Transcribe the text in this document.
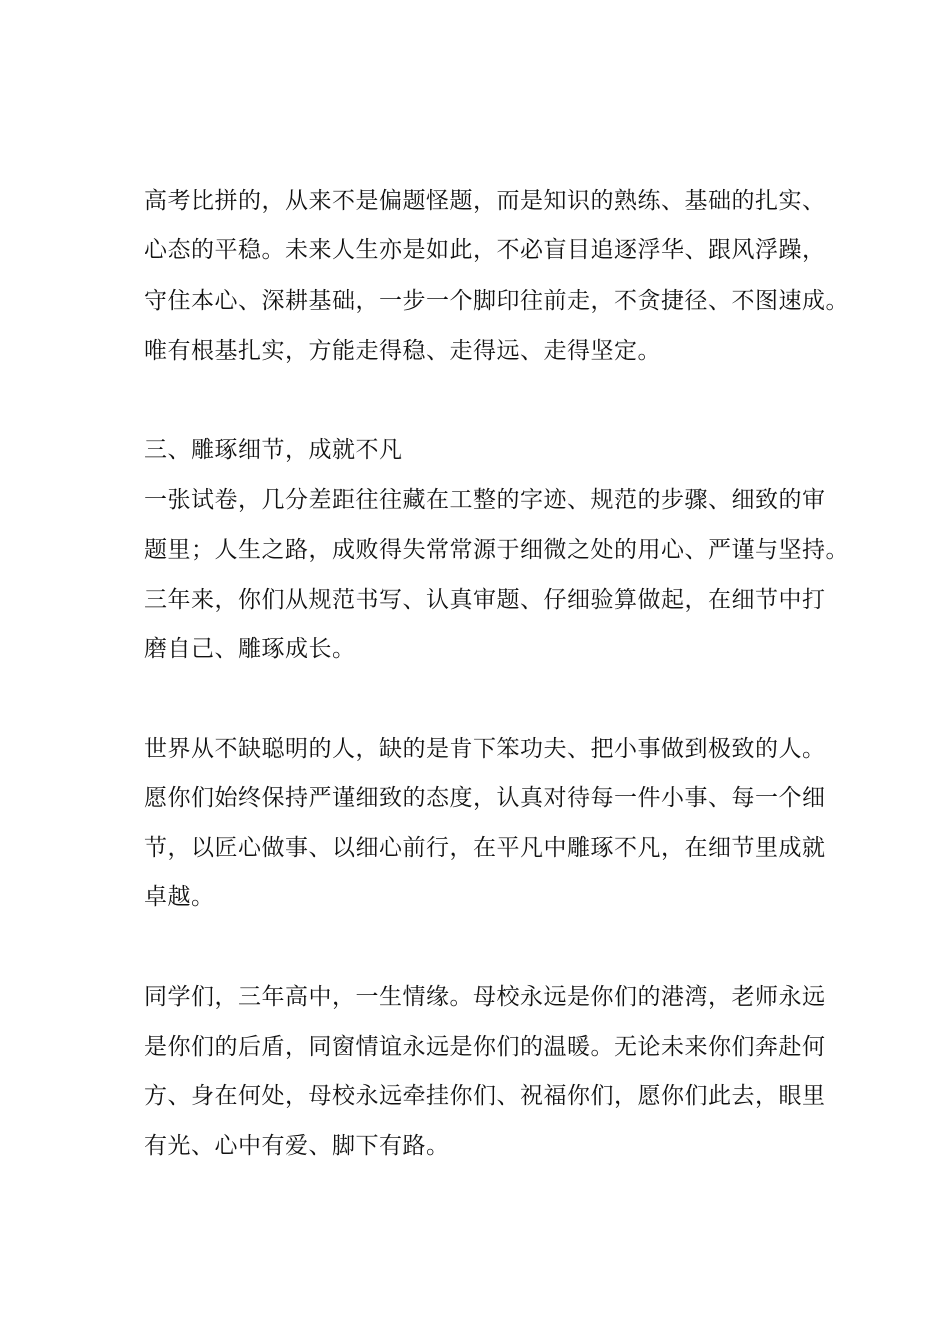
高考比拼的，从来不是偏题怪题，而是知识的熟练、基础的扎实、

心态的平稳。未来人生亦是如此，不必盲目追逐浮华、跟风浮躁，

守住本心、深耕基础，一步一个脚印往前走，不贪捷径、不图速成。

唯有根基扎实，方能走得稳、走得远、走得坚定。

三、雕琢细节，成就不凡

一张试卷，几分差距往往藏在工整的字迹、规范的步骤、细致的审

题里；人生之路，成败得失常常源于细微之处的用心、严谨与坚持。

三年来，你们从规范书写、认真审题、仔细验算做起，在细节中打

磨自己、雕琢成长。

世界从不缺聪明的人，缺的是肯下笨功夫、把小事做到极致的人。

愿你们始终保持严谨细致的态度，认真对待每一件小事、每一个细

节，以匠心做事、以细心前行，在平凡中雕琢不凡，在细节里成就

卓越。

同学们，三年高中，一生情缘。母校永远是你们的港湾，老师永远

是你们的后盾，同窗情谊永远是你们的温暖。无论未来你们奔赴何

方、身在何处，母校永远牵挂你们、祝福你们，愿你们此去，眼里

有光、心中有爱、脚下有路。
